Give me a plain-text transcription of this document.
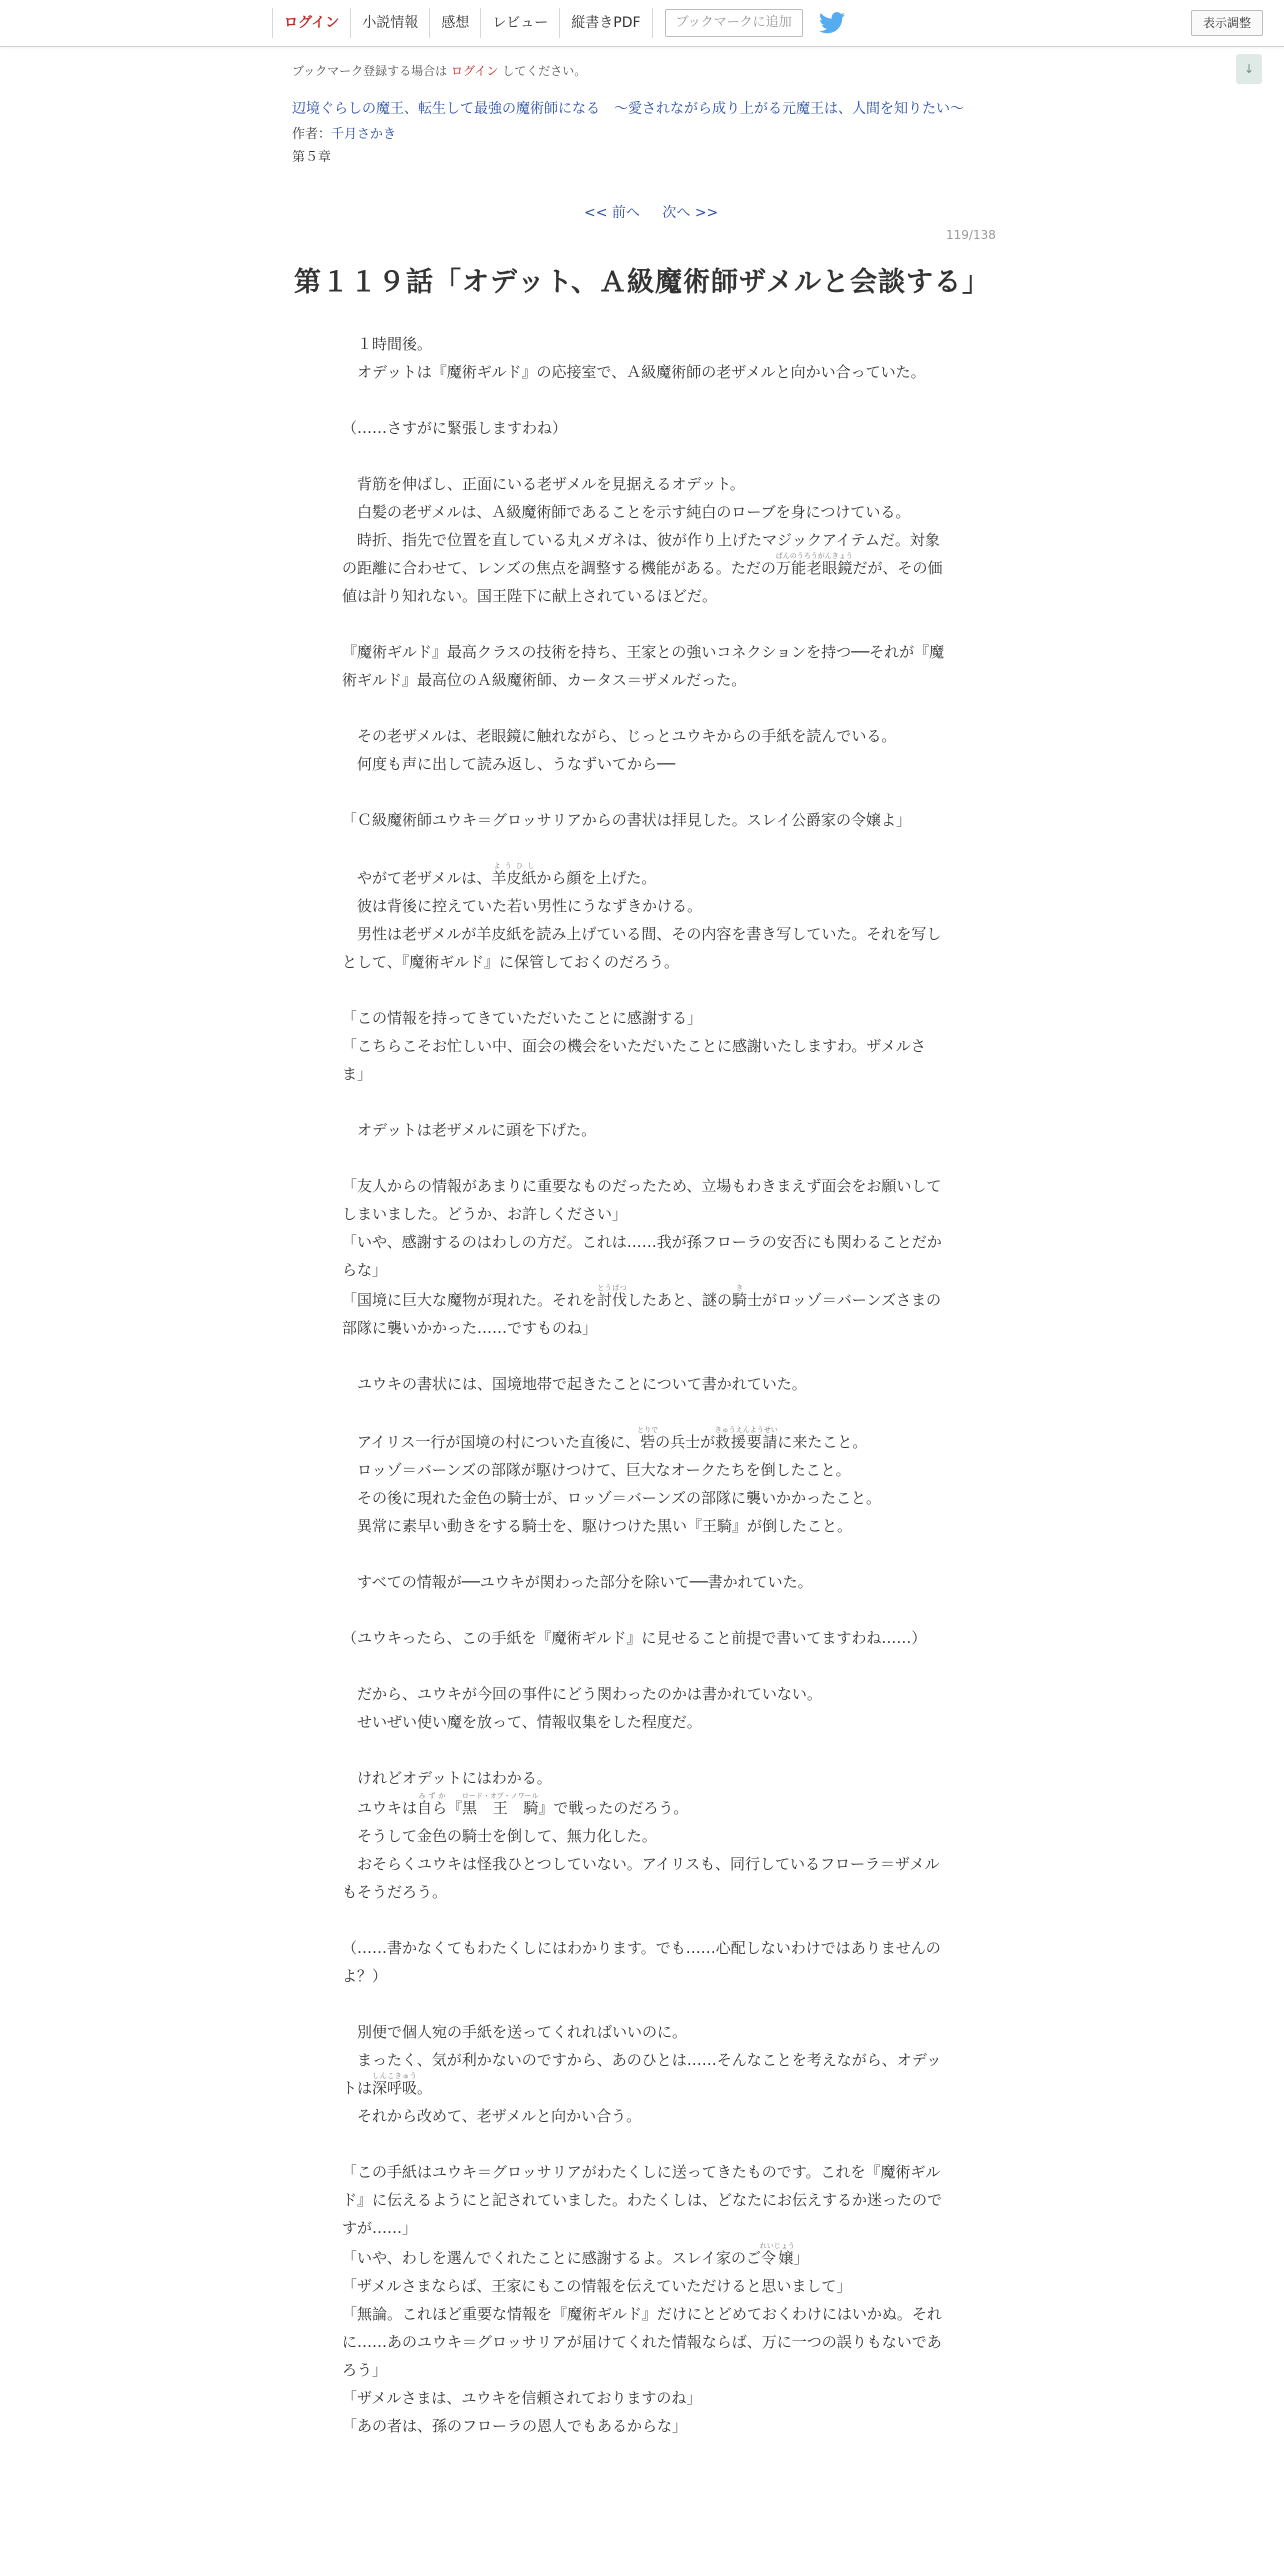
ログイン	小説情報	感想	レビュー	縦書きPDF	ブックマークに追加	表示調整
↓
ブックマーク登録する場合は ログイン してください。
辺境ぐらしの魔王、転生して最強の魔術師になる　〜愛されながら成り上がる元魔王は、人間を知りたい〜
作者：千月さかき
第５章
<< 前へ 次へ >>
119/138
第１１９話「オデット、Ａ級魔術師ザメルと会談する」

　１時間後。

　オデットは『魔術ギルド』の応接室で、Ａ級魔術師の老ザメルと向かい合っていた。

（……さすがに緊張しますわね）

　背筋を伸ばし、正面にいる老ザメルを見据えるオデット。

　白髪の老ザメルは、Ａ級魔術師であることを示す純白のローブを身につけている。

　時折、指先で位置を直している丸メガネは、彼が作り上げたマジックアイテムだ。対象の距離に合わせて、レンズの焦点を調整する機能がある。ただの万能老眼鏡ばんのうろうがんきょうだが、その価値は計り知れない。国王陛下に献上されているほどだ。

『魔術ギルド』最高クラスの技術を持ち、王家との強いコネクションを持つ──それが『魔術ギルド』最高位のＡ級魔術師、カータス＝ザメルだった。

　その老ザメルは、老眼鏡に触れながら、じっとユウキからの手紙を読んでいる。

　何度も声に出して読み返し、うなずいてから──

「Ｃ級魔術師ユウキ＝グロッサリアからの書状は拝見した。スレイ公爵家の令嬢よ」

　やがて老ザメルは、羊皮紙ようひしから顔を上げた。

　彼は背後に控えていた若い男性にうなずきかける。

　男性は老ザメルが羊皮紙を読み上げている間、その内容を書き写していた。それを写しとして、『魔術ギルド』に保管しておくのだろう。

「この情報を持ってきていただいたことに感謝する」

「こちらこそお忙しい中、面会の機会をいただいたことに感謝いたしますわ。ザメルさま」

　オデットは老ザメルに頭を下げた。

「友人からの情報があまりに重要なものだったため、立場もわきまえず面会をお願いしてしまいました。どうか、お許しください」

「いや、感謝するのはわしの方だ。これは……我が孫フローラの安否にも関わることだからな」

「国境に巨大な魔物が現れた。それを討伐とうばつしたあと、謎の騎き士がロッゾ＝バーンズさまの部隊に襲いかかった……ですものね」

　ユウキの書状には、国境地帯で起きたことについて書かれていた。

　アイリス一行が国境の村についた直後に、砦とりでの兵士が救援要請きゅうえんようせいに来たこと。

　ロッゾ＝バーンズの部隊が駆けつけて、巨大なオークたちを倒したこと。

　その後に現れた金色の騎士が、ロッゾ＝バーンズの部隊に襲いかかったこと。

　異常に素早い動きをする騎士を、駆けつけた黒い『王騎』が倒したこと。

　すべての情報が──ユウキが関わった部分を除いて──書かれていた。

（ユウキったら、この手紙を『魔術ギルド』に見せること前提で書いてますわね……）

　だから、ユウキが今回の事件にどう関わったのかは書かれていない。

　せいぜい使い魔を放って、情報収集をした程度だ。

　けれどオデットにはわかる。

　ユウキは自らみずか『黒　王　騎ロード・オブ・ノワール』で戦ったのだろう。

　そうして金色の騎士を倒して、無力化した。

　おそらくユウキは怪我ひとつしていない。アイリスも、同行しているフローラ＝ザメルもそうだろう。

（……書かなくてもわたくしにはわかります。でも……心配しないわけではありませんのよ？）

　別便で個人宛の手紙を送ってくれればいいのに。

　まったく、気が利かないのですから、あのひとは……そんなことを考えながら、オデットは深呼吸しんこきゅう。

　それから改めて、老ザメルと向かい合う。

「この手紙はユウキ＝グロッサリアがわたくしに送ってきたものです。これを『魔術ギルド』に伝えるようにと記されていました。わたくしは、どなたにお伝えするか迷ったのですが……」

「いや、わしを選んでくれたことに感謝するよ。スレイ家のご令嬢れいじょう」

「ザメルさまならば、王家にもこの情報を伝えていただけると思いまして」

「無論。これほど重要な情報を『魔術ギルド』だけにとどめておくわけにはいかぬ。それに……あのユウキ＝グロッサリアが届けてくれた情報ならば、万に一つの誤りもないであろう」

「ザメルさまは、ユウキを信頼されておりますのね」

「あの者は、孫のフローラの恩人でもあるからな」
